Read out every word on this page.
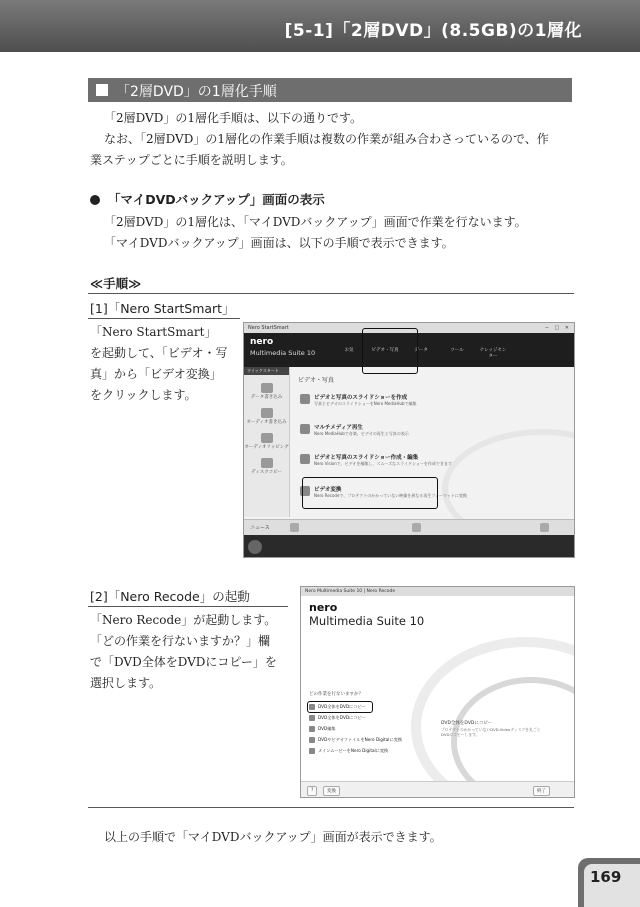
[5-1]「2層DVD」(8.5GB)の1層化
「2層DVD」の1層化手順
「2層DVD」の1層化手順は、以下の通りです。
なお、「2層DVD」の1層化の作業手順は複数の作業が組み合わさっているので、作
業ステップごとに手順を説明します。
「マイDVDバックアップ」画面の表示
「2層DVD」の1層化は、「マイDVDバックアップ」画面で作業を行ないます。
「マイDVDバックアップ」画面は、以下の手順で表示できます。
≪手順≫
[1]「Nero StartSmart」
「Nero StartSmart」
を起動して、「ビデオ・写
真」から「ビデオ変換」
をクリックします。
Nero StartSmart	− □ ✕
nero
Multimedia Suite 10	お気	ビデオ・写真	データ	ツール	ナレッジセンター
ワイックスタート
データ書き込み
オーディオ書き込み
オーディオリッピング
ディスクコピー
ビデオ・写真
ビデオと写真のスライドショーを作成
写真とビデオのスライドショーをNero MediaHubで編集
マルチメディア再生
Nero MediaHubで音楽、ビデオの再生と写真の表示
ビデオと写真のスライドショー作成・編集
Nero Visionで、ビデオを編集し、スムーズなスライドショーを作成できます
ビデオ変換
Nero Recodeで、プロテクトのかかっていない映像を異なる再生フォーマットに変換
ニュース
[2]「Nero Recode」の起動
「Nero Recode」が起動します。
「どの作業を行ないますか？」欄
で「DVD全体をDVDにコピー」を
選択します。
Nero Multimedia Suite 10 | Nero Recode
nero
Multimedia Suite 10
どの作業を行ないますか？
DVD全体をDVDにコピー
DVD全体をDVDにコピー
DVD編集
DVDやビデオファイルをNero Digitalに変換
メインムービーをNero Digitalに変換
DVD全体をDVDにコピー
プロテクトのかかっていないDVD-Videoディスクを丸ごとDVDにコピーします。
?	変換	終了
以上の手順で「マイDVDバックアップ」画面が表示できます。
169
